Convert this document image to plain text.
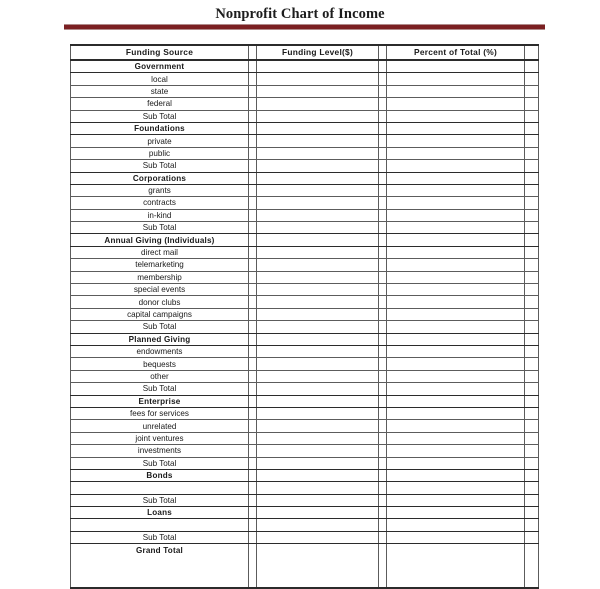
Nonprofit Chart of Income
Funding Source		Funding Level($)		Percent of Total (%)	
Government					
local					
state					
federal					
Sub Total					
Foundations					
private					
public					
Sub Total					
Corporations					
grants					
contracts					
in-kind					
Sub Total					
Annual Giving (Individuals)					
direct mail					
telemarketing					
membership					
special events					
donor clubs					
capital campaigns					
Sub Total					
Planned Giving					
endowments					
bequests					
other					
Sub Total					
Enterprise					
fees for services					
unrelated					
joint ventures					
investments					
Sub Total					
Bonds					

Sub Total					
Loans					

Sub Total					
Grand Total					
